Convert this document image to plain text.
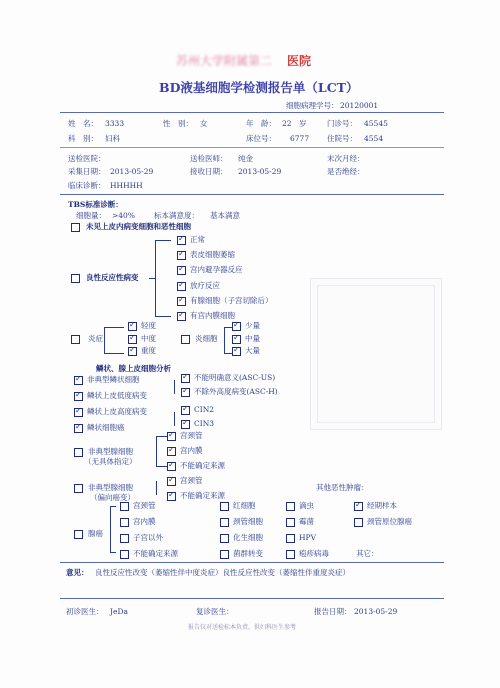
苏州大学附属第二 医院
BD液基细胞学检测报告单（LCT）
细胞病理学号： 20120001
姓　名： 3333	性　别： 女	年　龄： 22　岁	门诊号： 45545
科　别： 妇科	床位号： 6777 住院号： 4554
送检医院：	送检医师： 纯金	末次月经：
采集日期： 2013-05-29	接收日期： 2013-05-29	是否绝经：
临床诊断： HHHHH
TBS标准诊断：
细胞量： >40%	标本满意度： 基本满意
未见上皮内病变细胞和恶性细胞
良性反应性病变
✓
正常
✓
表皮细胞萎缩
✓
宫内避孕器反应
✓
放疗反应
✓
有腺细胞（子宫切除后）
✓
有宫内膜细胞
炎症
✓
轻度
✓
中度
✓
重度
炎细胞
✓
少量
✓
中量
✓
大量
鳞状、腺上皮细胞分析
✓
非典型鳞状细胞
✓
鳞状上皮低度病变
✓
鳞状上皮高度病变
✓
鳞状细胞癌
✓
不能明确意义(ASC-US)
✓
不除外高度病变(ASC-H)
✓
CIN2
✓
CIN3
非典型腺细胞
（无具体指定）
✓
宫颈管
✓
宫内膜
✓
不能确定来源
非典型腺细胞
（偏向癌变）
✓
宫颈管
✓
不能确定来源
其他恶性肿瘤：
腺癌
宫颈管
宫内膜
子宫以外
不能确定来源
红细胞
颈管细胞
化生细胞
菌群转变
滴虫
霉菌
HPV
疱疹病毒
✓
经期样本
颈管原位腺癌
其它：
意见： 良性反应性改变（萎缩性伴中度炎症）良性反应性改变（萎缩性伴重度炎症）
初诊医生： JeDa	复诊医生：	报告日期： 2013-05-29
报告仅对送检标本负责，供妇科医生参考
